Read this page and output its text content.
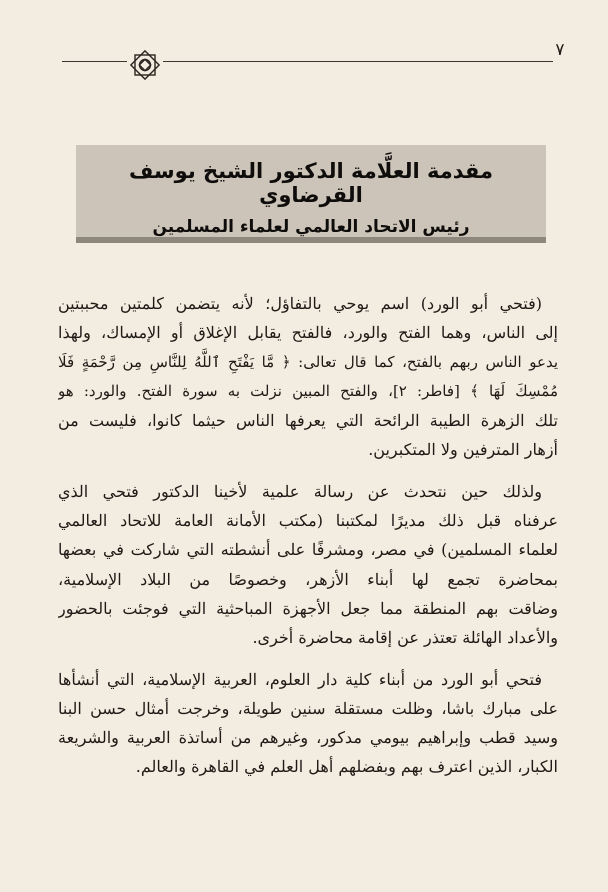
٧
مقدمة العلَّامة الدكتور الشيخ يوسف القرضاوي
رئيس الاتحاد العالمي لعلماء المسلمين

(فتحي أبو الورد) اسم يوحي بالتفاؤل؛ لأنه يتضمن كلمتين محببتين
إلى الناس، وهما الفتح والورد، فالفتح يقابل الإغلاق أو الإمساك، ولهذا
يدعو الناس ربهم بالفتح، كما قال تعالى: ﴿ مَّا يَفْتَحِ ٱللَّهُ لِلنَّاسِ مِن رَّحْمَةٍ فَلَا
مُمْسِكَ لَهَا ﴾ [فاطر: ٢]، والفتح المبين نزلت به سورة الفتح. والورد: هو
تلك الزهرة الطيبة الرائحة التي يعرفها الناس حيثما كانوا، فليست من
أزهار المترفين ولا المتكبرين.

ولذلك حين نتحدث عن رسالة علمية لأخينا الدكتور فتحي الذي
عرفناه قبل ذلك مديرًا لمكتبنا (مكتب الأمانة العامة للاتحاد العالمي
لعلماء المسلمين) في مصر، ومشرفًا على أنشطته التي شاركت في بعضها
بمحاضرة تجمع لها أبناء الأزهر، وخصوصًا من البلاد الإسلامية،
وضاقت بهم المنطقة مما جعل الأجهزة المباحثية التي فوجئت بالحضور
والأعداد الهائلة تعتذر عن إقامة محاضرة أخرى.

فتحي أبو الورد من أبناء كلية دار العلوم، العربية الإسلامية، التي أنشأها
على مبارك باشا، وظلت مستقلة سنين طويلة، وخرجت أمثال حسن البنا
وسيد قطب وإبراهيم بيومي مدكور، وغيرهم من أساتذة العربية والشريعة
الكبار، الذين اعترف بهم وبفضلهم أهل العلم في القاهرة والعالم.
